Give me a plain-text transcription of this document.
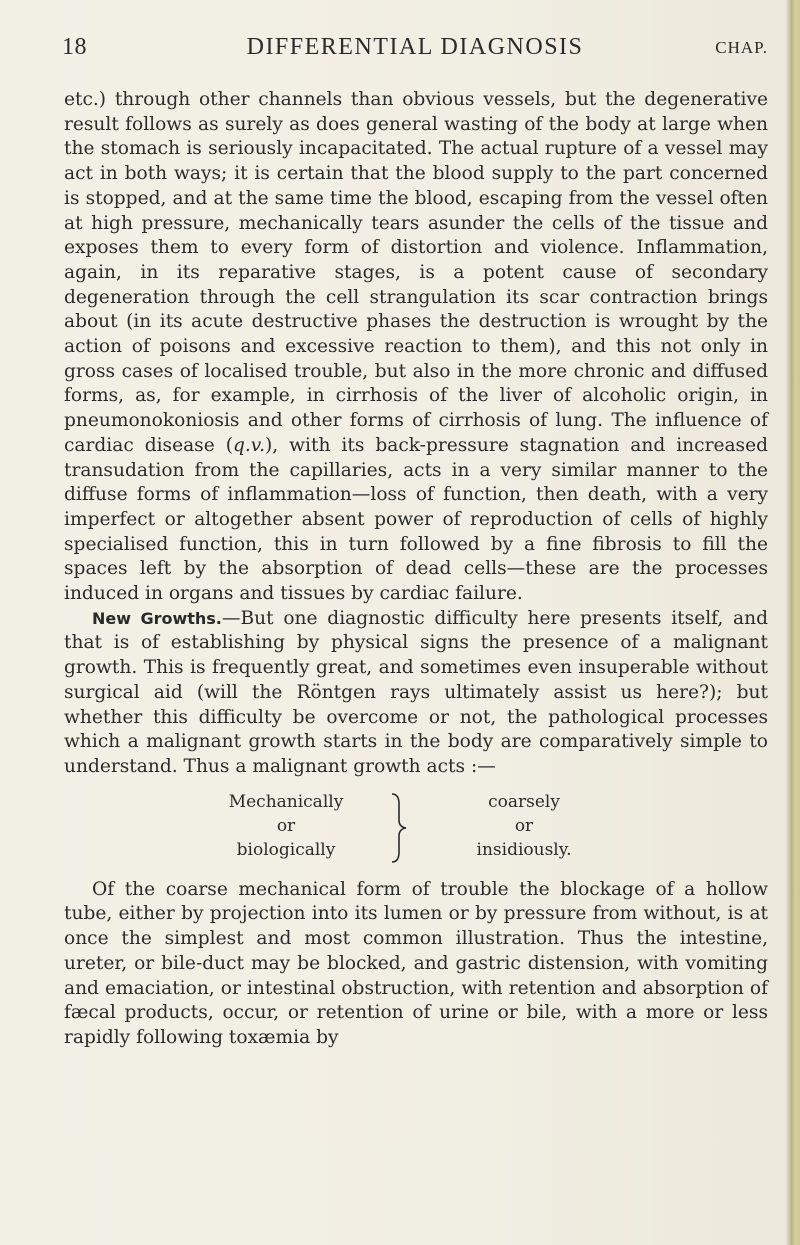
18	DIFFERENTIAL DIAGNOSIS	CHAP.

etc.) through other channels than obvious vessels, but the degenerative result follows as surely as does general wasting of the body at large when the stomach is seriously incapacitated. The actual rupture of a vessel may act in both ways; it is certain that the blood supply to the part concerned is stopped, and at the same time the blood, escaping from the vessel often at high pressure, mechanically tears asunder the cells of the tissue and exposes them to every form of distortion and violence. Inflammation, again, in its reparative stages, is a potent cause of secondary degeneration through the cell strangulation its scar contraction brings about (in its acute destructive phases the destruction is wrought by the action of poisons and excessive reaction to them), and this not only in gross cases of localised trouble, but also in the more chronic and diffused forms, as, for example, in cirrhosis of the liver of alcoholic origin, in pneumonokoniosis and other forms of cirrhosis of lung. The influence of cardiac disease (q.v.), with its back-pressure stagnation and increased transudation from the capillaries, acts in a very similar manner to the diffuse forms of inflammation—loss of function, then death, with a very imperfect or altogether absent power of reproduction of cells of highly specialised function, this in turn followed by a fine fibrosis to fill the spaces left by the absorption of dead cells—these are the processes induced in organs and tissues by cardiac failure.

New Growths.—But one diagnostic difficulty here presents itself, and that is of establishing by physical signs the presence of a malignant growth. This is frequently great, and sometimes even insuperable without surgical aid (will the Röntgen rays ultimately assist us here?); but whether this difficulty be overcome or not, the pathological processes which a malignant growth starts in the body are comparatively simple to understand. Thus a malignant growth acts :—

Mechanically
or
biologically
coarsely
or
insidiously.

Of the coarse mechanical form of trouble the blockage of a hollow tube, either by projection into its lumen or by pressure from without, is at once the simplest and most common illustration. Thus the intestine, ureter, or bile-duct may be blocked, and gastric distension, with vomiting and emaciation, or intestinal obstruction, with retention and absorption of fæcal products, occur, or retention of urine or bile, with a more or less rapidly following toxæmia by
